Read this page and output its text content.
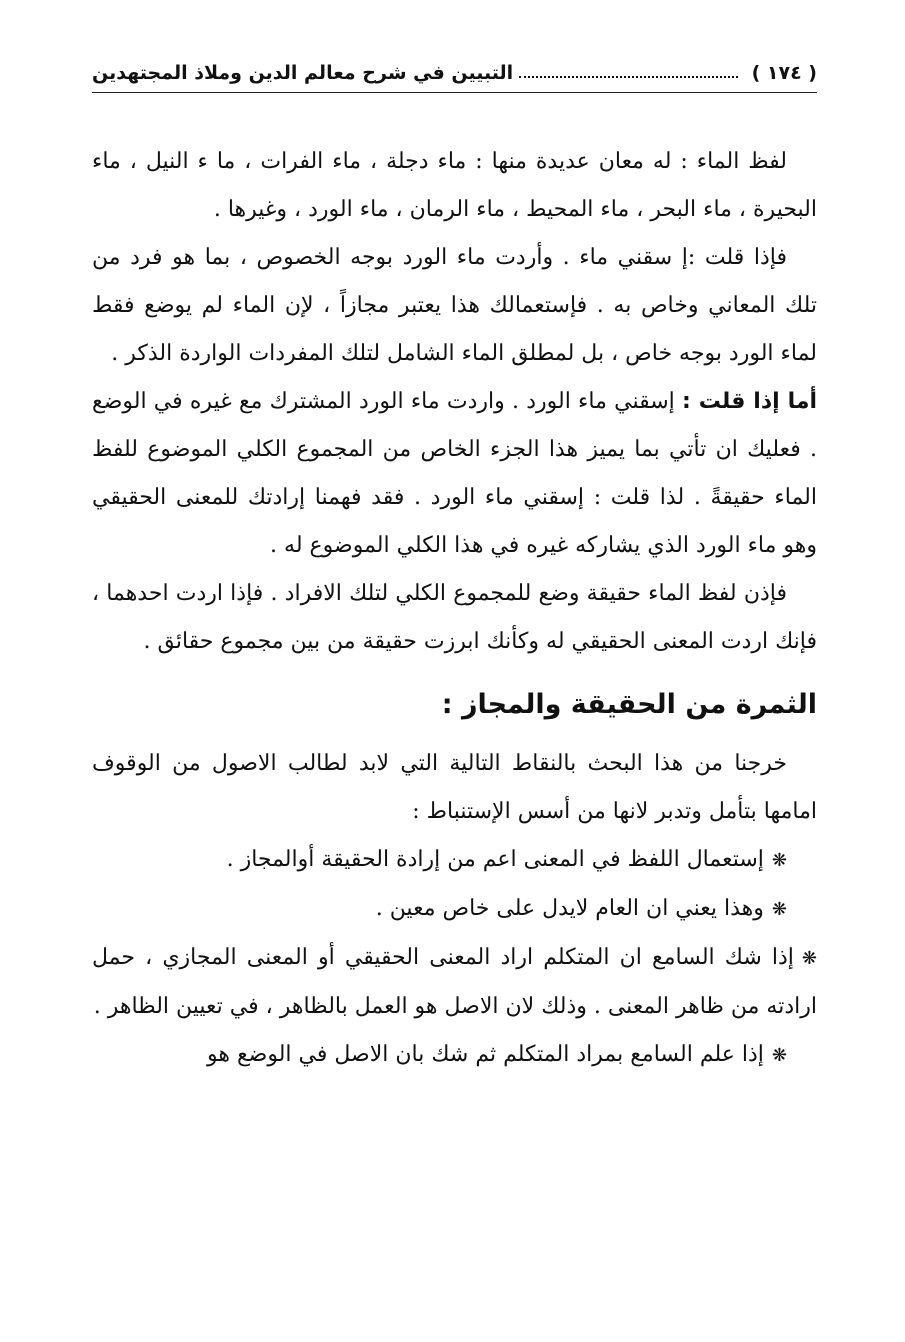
( ١٧٤ )
التبيين في شرح معالم الدين وملاذ المجتهدين

لفظ الماء : له معان عديدة منها : ماء دجلة ، ماء الفرات ، ما ء النيل ، ماء البحيرة ، ماء البحر ، ماء المحيط ، ماء الرمان ، ماء الورد ، وغيرها .

فإذا قلت :إ سقني ماء . وأردت ماء الورد بوجه الخصوص ، بما هو فرد من تلك المعاني وخاص به . فإستعمالك هذا يعتبر مجازاً ، لإن الماء لم يوضع فقط لماء الورد بوجه خاص ، بل لمطلق الماء الشامل لتلك المفردات الواردة الذكر .

أما إذا قلت : إسقني ماء الورد . واردت ماء الورد المشترك مع غيره في الوضع . فعليك ان تأتي بما يميز هذا الجزء الخاص من المجموع الكلي الموضوع للفظ الماء حقيقةً . لذا قلت : إسقني ماء الورد . فقد فهمنا إرادتك للمعنى الحقيقي وهو ماء الورد الذي يشاركه غيره في هذا الكلي الموضوع له .

فإذن لفظ الماء حقيقة وضع للمجموع الكلي لتلك الافراد . فإذا اردت احدهما ، فإنك اردت المعنى الحقيقي له وكأنك ابرزت حقيقة من بين مجموع حقائق .

الثمرة من الحقيقة والمجاز :

خرجنا من هذا البحث بالنقاط التالية التي لابد لطالب الاصول من الوقوف امامها بتأمل وتدبر لانها من أسس الإستنباط :

❋إستعمال اللفظ في المعنى اعم من إرادة الحقيقة أوالمجاز .
❋وهذا يعني ان العام لايدل على خاص معين .
❋إذا شك السامع ان المتكلم اراد المعنى الحقيقي أو المعنى المجازي ، حمل ارادته من ظاهر المعنى . وذلك لان الاصل هو العمل بالظاهر ، في تعيين الظاهر .
❋إذا علم السامع بمراد المتكلم ثم شك بان الاصل في الوضع هو
